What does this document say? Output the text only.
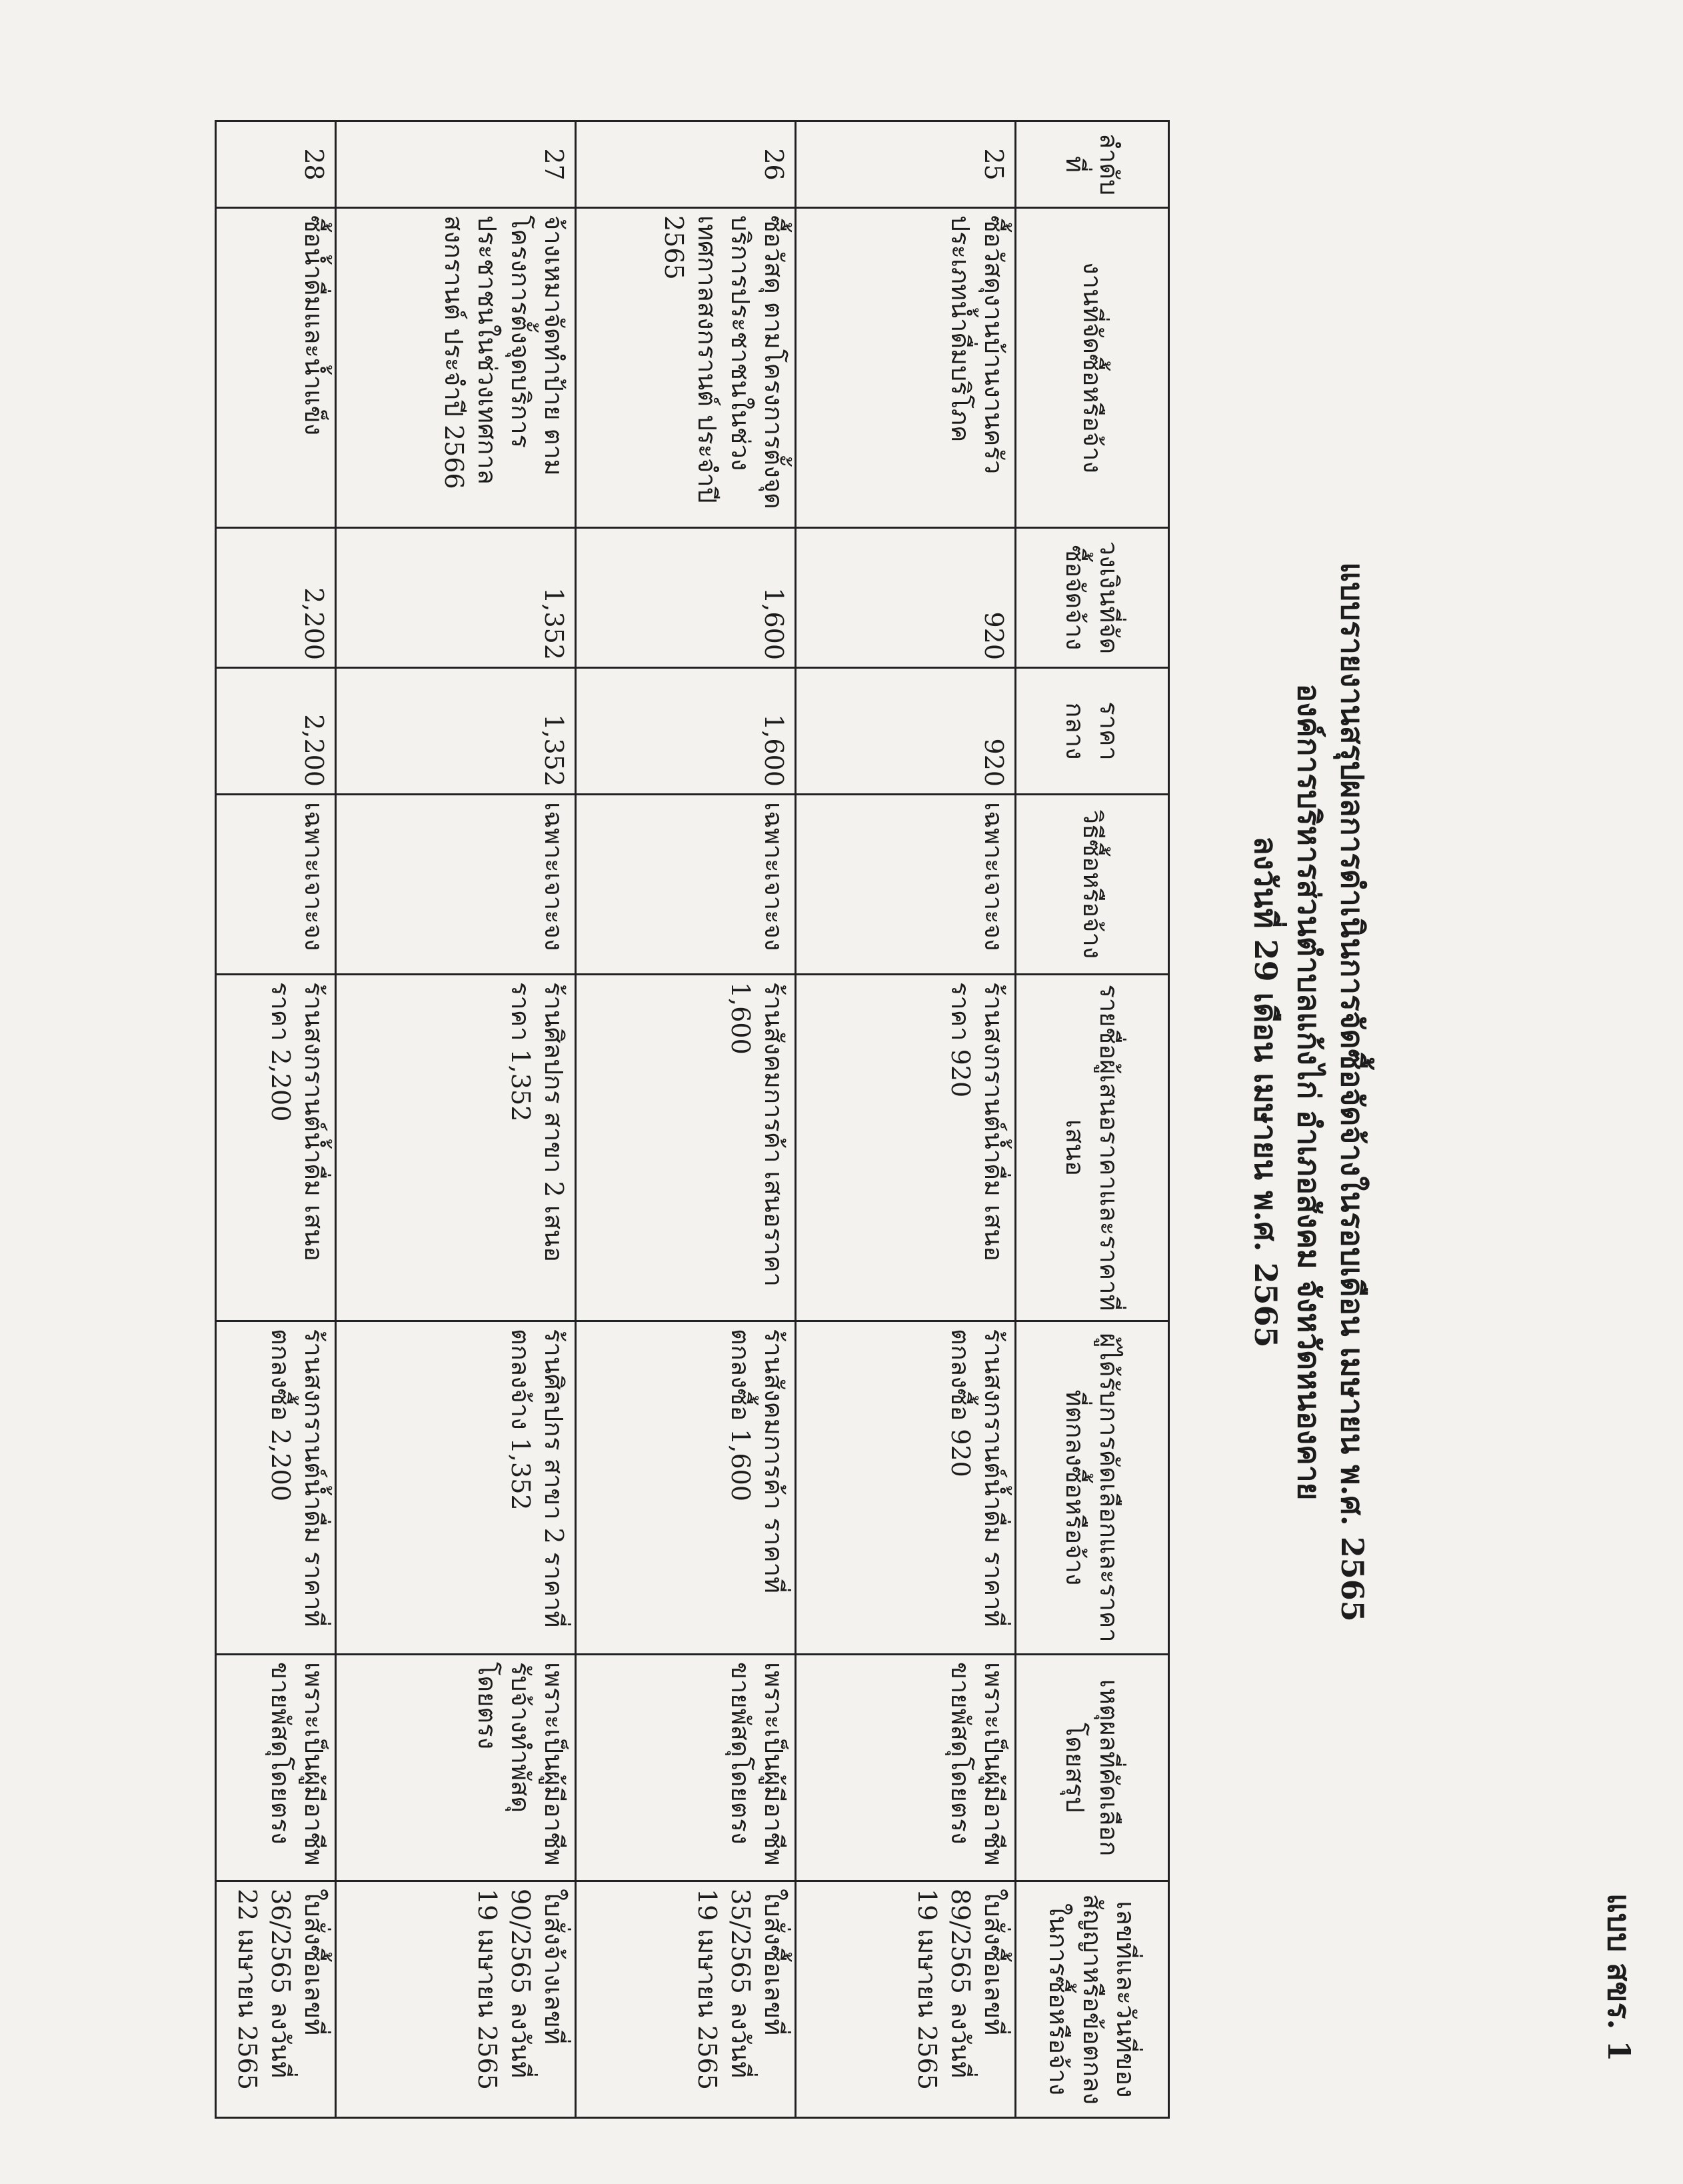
แบบ สขร. 1
แบบรายงานสรุปผลการดำเนินการจัดซื้อจัดจ้างในรอบเดือน เมษายน พ.ศ. 2565
องค์การบริหารส่วนตำบลแก้งไก่ อำเภอสังคม จังหวัดหนองคาย
ลงวันที่ 29 เดือน เมษายน พ.ศ. 2565
ลำดับที่	งานที่จัดซื้อหรือจ้าง	วงเงินที่จัดซื้อจัดจ้าง	ราคากลาง	วิธีซื้อหรือจ้าง	รายชื่อผู้เสนอราคาและราคาที่เสนอ	ผู้ได้รับการคัดเลือกและราคาที่ตกลงซื้อหรือจ้าง	เหตุผลที่คัดเลือกโดยสรุป	เลขที่และวันที่ของสัญญาหรือข้อตกลงในการซื้อหรือจ้าง
25	ซื้อวัสดุงานบ้านงานครัว ประเภทน้ำดื่มบริโภค	920	920	เฉพาะเจาะจง	ร้านสงกรานต์น้ำดื่ม เสนอราคา 920	ร้านสงกรานต์น้ำดื่ม ราคาที่ตกลงซื้อ 920	เพราะเป็นผู้มีอาชีพขายพัสดุโดยตรง	ใบสั่งซื้อเลขที่ 89/2565 ลงวันที่ 19 เมษายน 2565
26	ซื้อวัสดุ ตามโครงการตั้งจุดบริการประชาชนในช่วงเทศกาลสงกรานต์ ประจำปี 2565	1,600	1,600	เฉพาะเจาะจง	ร้านสังคมการค้า เสนอราคา 1,600	ร้านสังคมการค้า ราคาที่ตกลงซื้อ 1,600	เพราะเป็นผู้มีอาชีพ ขายพัสดุโดยตรง	ใบสั่งซื้อเลขที่ 35/2565 ลงวันที่ 19 เมษายน 2565
27	จ้างเหมาจัดทำป้าย ตามโครงการตั้งจุดบริการประชาชนในช่วงเทศกาลสงกรานต์ ประจำปี 2566	1,352	1,352	เฉพาะเจาะจง	ร้านศิลปกร สาขา 2 เสนอราคา 1,352	ร้านศิลปกร สาขา 2 ราคาที่ตกลงจ้าง 1,352	เพราะเป็นผู้มีอาชีพรับจ้างทำพัสดุโดยตรง	ใบสั่งจ้างเลขที่ 90/2565 ลงวันที่ 19 เมษายน 2565
28	ซื้อน้ำดื่มและน้ำแข็ง	2,200	2,200	เฉพาะเจาะจง	ร้านสงกรานต์น้ำดื่ม เสนอราคา 2,200	ร้านสงกรานต์น้ำดื่ม ราคาที่ตกลงซื้อ 2,200	เพราะเป็นผู้มีอาชีพ ขายพัสดุโดยตรง	ใบสั่งซื้อเลขที่ 36/2565 ลงวันที่ 22 เมษายน 2565
